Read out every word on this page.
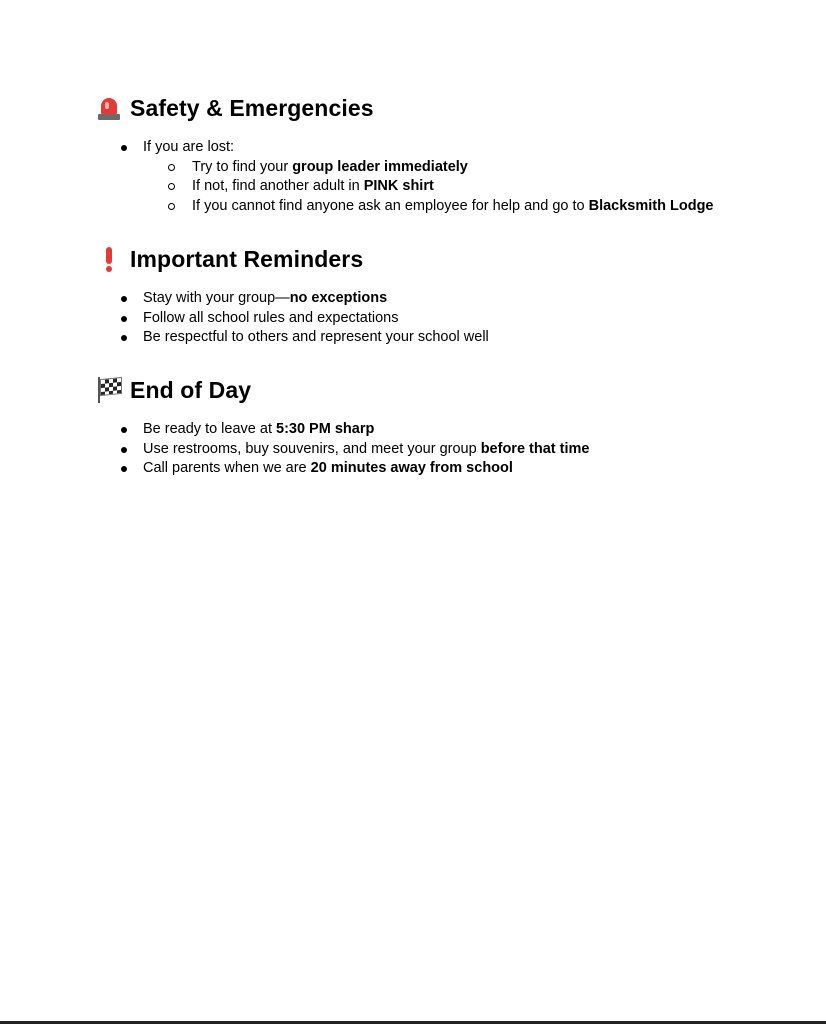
Safety & Emergencies
If you are lost:
Try to find your group leader immediately
If not, find another adult in PINK shirt
If you cannot find anyone ask an employee for help and go to Blacksmith Lodge
Important Reminders
Stay with your group—no exceptions
Follow all school rules and expectations
Be respectful to others and represent your school well
End of Day
Be ready to leave at 5:30 PM sharp
Use restrooms, buy souvenirs, and meet your group before that time
Call parents when we are 20 minutes away from school
